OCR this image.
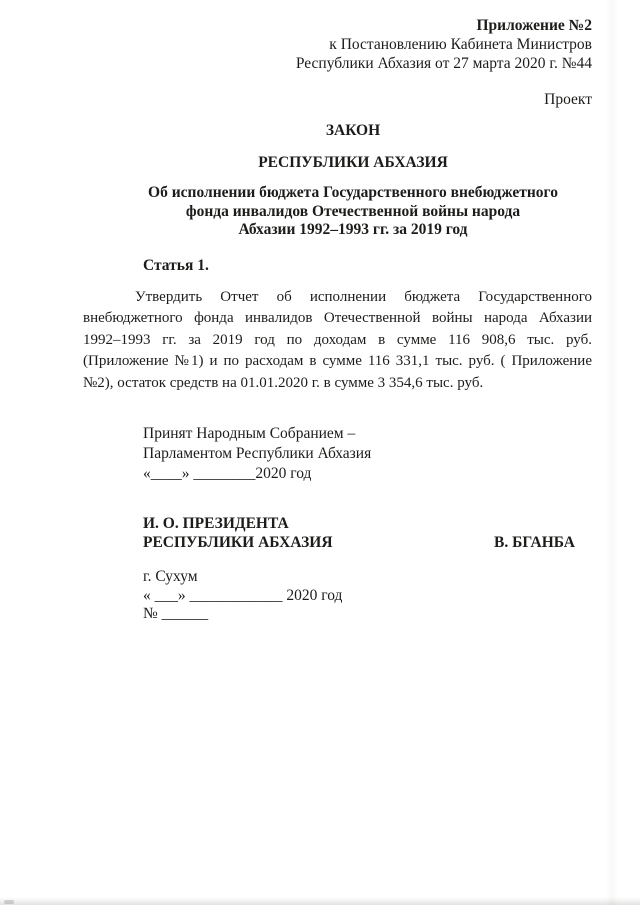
Приложение №2
к Постановлению Кабинета Министров
Республики Абхазия от 27 марта 2020 г. №44
Проект
ЗАКОН
РЕСПУБЛИКИ АБХАЗИЯ
Об исполнении бюджета Государственного внебюджетного
фонда инвалидов Отечественной войны народа
Абхазии 1992–1993 гг. за 2019 год
Статья 1.
Утвердить Отчет об исполнении бюджета Государственного
внебюджетного фонда инвалидов Отечественной войны народа Абхазии
1992–1993 гг. за 2019 год по доходам в сумме 116 908,6 тыс. руб.
(Приложение №1) и по расходам в сумме 116 331,1 тыс. руб. ( Приложение
№2), остаток средств на 01.01.2020 г. в сумме 3 354,6 тыс. руб.
Принят Народным Собранием –
Парламентом Республики Абхазия
«____» ________2020 год
И. О. ПРЕЗИДЕНТА
РЕСПУБЛИКИ АБХАЗИЯ	В. БГАНБА
г. Сухум
« ___» ____________ 2020 год
№ ______
